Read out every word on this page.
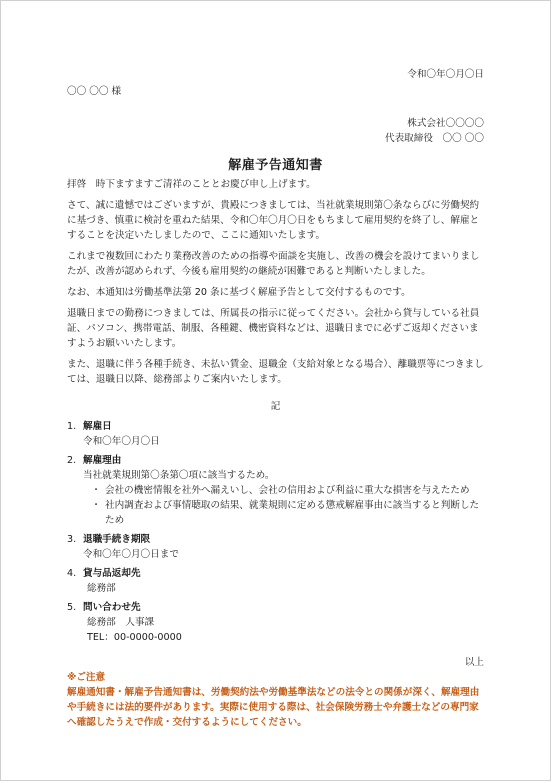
令和〇年〇月〇日
〇〇 〇〇 様
株式会社〇〇〇〇
代表取締役　〇〇 〇〇
解雇予告通知書

拝啓　時下ますますご清祥のこととお慶び申し上げます。

さて、誠に遺憾ではございますが、貴殿につきましては、当社就業規則第〇条ならびに労働契約に基づき、慎重に検討を重ねた結果、令和〇年〇月〇日をもちまして雇用契約を終了し、解雇とすることを決定いたしましたので、ここに通知いたします。

これまで複数回にわたり業務改善のための指導や面談を実施し、改善の機会を設けてまいりましたが、改善が認められず、今後も雇用契約の継続が困難であると判断いたしました。

なお、本通知は労働基準法第 20 条に基づく解雇予告として交付するものです。

退職日までの勤務につきましては、所属長の指示に従ってください。会社から貸与している社員証、パソコン、携帯電話、制服、各種鍵、機密資料などは、退職日までに必ずご返却くださいますようお願いいたします。

また、退職に伴う各種手続き、未払い賃金、退職金（支給対象となる場合）、離職票等につきましては、退職日以降、総務部よりご案内いたします。

記
1. 解雇日
令和〇年〇月〇日
2. 解雇理由
当社就業規則第〇条第〇項に該当するため。
・ 会社の機密情報を社外へ漏えいし、会社の信用および利益に重大な損害を与えたため
・ 社内調査および事情聴取の結果、就業規則に定める懲戒解雇事由に該当すると判断したため
3. 退職手続き期限
令和〇年〇月〇日まで
4. 貸与品返却先
総務部
5. 問い合わせ先
総務部　人事課
TEL：00-0000-0000
以上
※ご注意
解雇通知書・解雇予告通知書は、労働契約法や労働基準法などの法令との関係が深く、解雇理由や手続きには法的要件があります。実際に使用する際は、社会保険労務士や弁護士などの専門家へ確認したうえで作成・交付するようにしてください。
